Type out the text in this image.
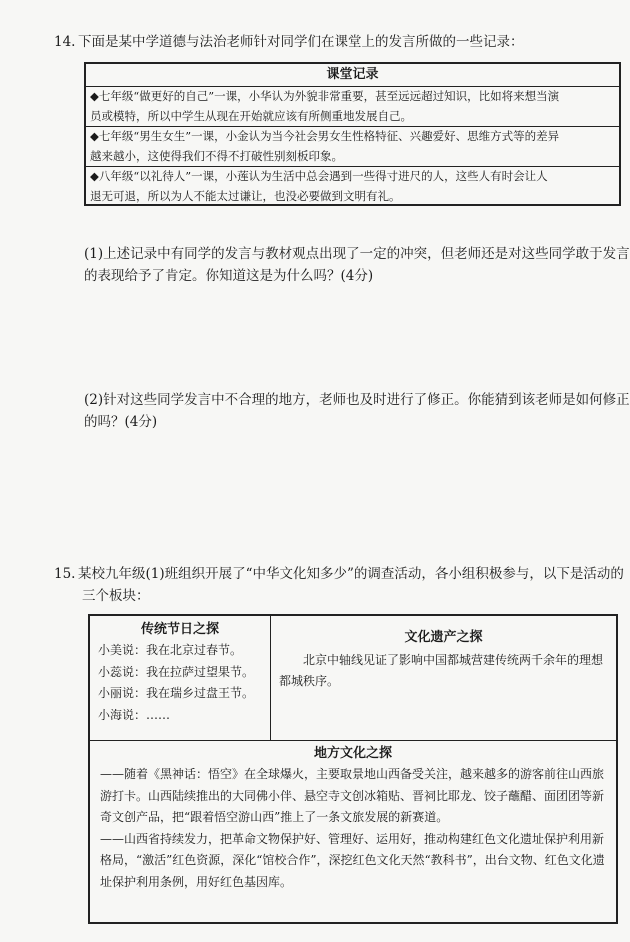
14. 下面是某中学道德与法治老师针对同学们在课堂上的发言所做的一些记录：
课堂记录
◆七年级“做更好的自己”一课，小华认为外貌非常重要，甚至远远超过知识，比如将来想当演
员或模特，所以中学生从现在开始就应该有所侧重地发展自己。
◆七年级“男生女生”一课，小金认为当今社会男女生性格特征、兴趣爱好、思维方式等的差异
越来越小，这使得我们不得不打破性别刻板印象。
◆八年级“以礼待人”一课，小莲认为生活中总会遇到一些得寸进尺的人，这些人有时会让人
退无可退，所以为人不能太过谦让，也没必要做到文明有礼。
(1)上述记录中有同学的发言与教材观点出现了一定的冲突，但老师还是对这些同学敢于发言
的表现给予了肯定。你知道这是为什么吗？(4分)
(2)针对这些同学发言中不合理的地方，老师也及时进行了修正。你能猜到该老师是如何修正
的吗？(4分)
15. 某校九年级(1)班组织开展了“中华文化知多少”的调查活动，各小组积极参与，以下是活动的
三个板块：
传统节日之探
小美说：我在北京过春节。
小蕊说：我在拉萨过望果节。
小丽说：我在瑞乡过盘王节。
小海说：……
文化遗产之探
北京中轴线见证了影响中国都城营建传统两千余年的理想都城秩序。
地方文化之探
——随着《黑神话：悟空》在全球爆火，主要取景地山西备受关注，越来越多的游客前往山西旅游打卡。山西陆续推出的大同佛小伴、悬空寺文创冰箱贴、晋祠比耶龙、饺子蘸醋、面团团等新奇文创产品，把“跟着悟空游山西”推上了一条文旅发展的新赛道。
——山西省持续发力，把革命文物保护好、管理好、运用好，推动构建红色文化遗址保护利用新格局，“激活”红色资源，深化“馆校合作”，深挖红色文化天然“教科书”，出台文物、红色文化遗址保护利用条例，用好红色基因库。
